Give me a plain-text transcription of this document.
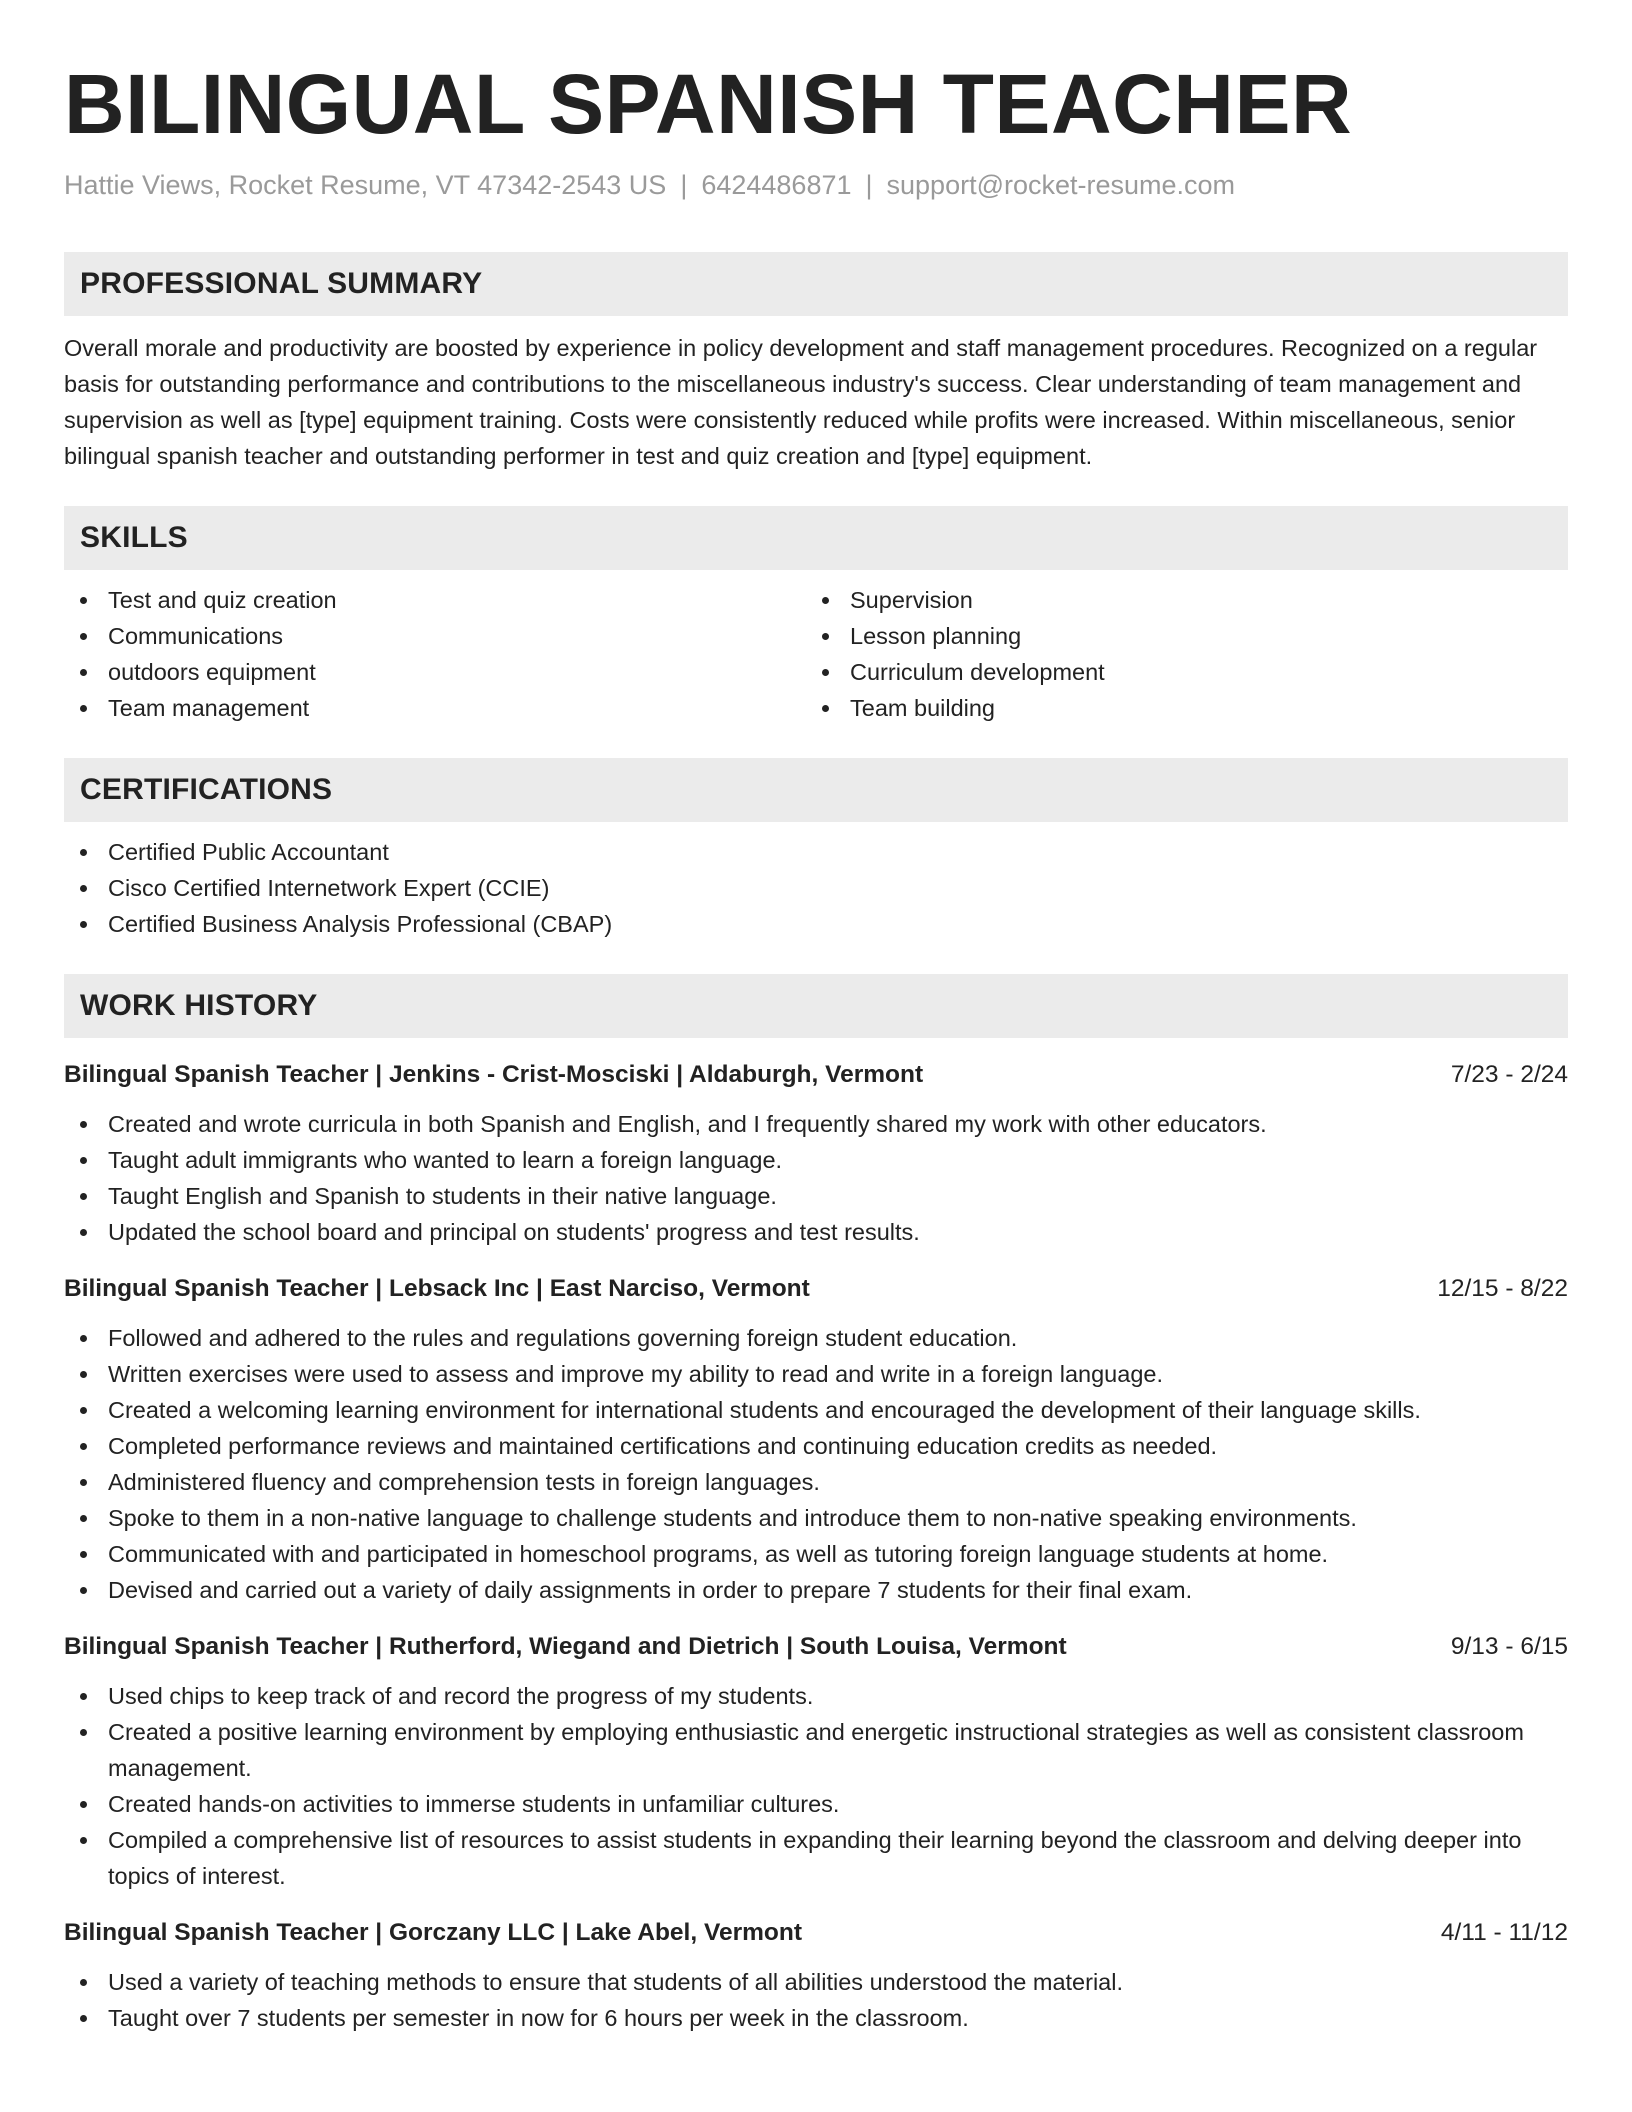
BILINGUAL SPANISH TEACHER
Hattie Views, Rocket Resume, VT 47342-2543 US | 6424486871 | support@rocket-resume.com
PROFESSIONAL SUMMARY

Overall morale and productivity are boosted by experience in policy development and staff management procedures. Recognized on a regular basis for outstanding performance and contributions to the miscellaneous industry's success. Clear understanding of team management and supervision as well as [type] equipment training. Costs were consistently reduced while profits were increased. Within miscellaneous, senior bilingual spanish teacher and outstanding performer in test and quiz creation and [type] equipment.

SKILLS
Test and quiz creation
Communications
outdoors equipment
Team management
Supervision
Lesson planning
Curriculum development
Team building
CERTIFICATIONS
Certified Public Accountant
Cisco Certified Internetwork Expert (CCIE)
Certified Business Analysis Professional (CBAP)
WORK HISTORY
Bilingual Spanish Teacher | Jenkins - Crist-Mosciski | Aldaburgh, Vermont	7/23 - 2/24
Created and wrote curricula in both Spanish and English, and I frequently shared my work with other educators.
Taught adult immigrants who wanted to learn a foreign language.
Taught English and Spanish to students in their native language.
Updated the school board and principal on students' progress and test results.
Bilingual Spanish Teacher | Lebsack Inc | East Narciso, Vermont	12/15 - 8/22
Followed and adhered to the rules and regulations governing foreign student education.
Written exercises were used to assess and improve my ability to read and write in a foreign language.
Created a welcoming learning environment for international students and encouraged the development of their language skills.
Completed performance reviews and maintained certifications and continuing education credits as needed.
Administered fluency and comprehension tests in foreign languages.
Spoke to them in a non-native language to challenge students and introduce them to non-native speaking environments.
Communicated with and participated in homeschool programs, as well as tutoring foreign language students at home.
Devised and carried out a variety of daily assignments in order to prepare 7 students for their final exam.
Bilingual Spanish Teacher | Rutherford, Wiegand and Dietrich | South Louisa, Vermont	9/13 - 6/15
Used chips to keep track of and record the progress of my students.
Created a positive learning environment by employing enthusiastic and energetic instructional strategies as well as consistent classroom management.
Created hands-on activities to immerse students in unfamiliar cultures.
Compiled a comprehensive list of resources to assist students in expanding their learning beyond the classroom and delving deeper into topics of interest.
Bilingual Spanish Teacher | Gorczany LLC | Lake Abel, Vermont	4/11 - 11/12
Used a variety of teaching methods to ensure that students of all abilities understood the material.
Taught over 7 students per semester in now for 6 hours per week in the classroom.
